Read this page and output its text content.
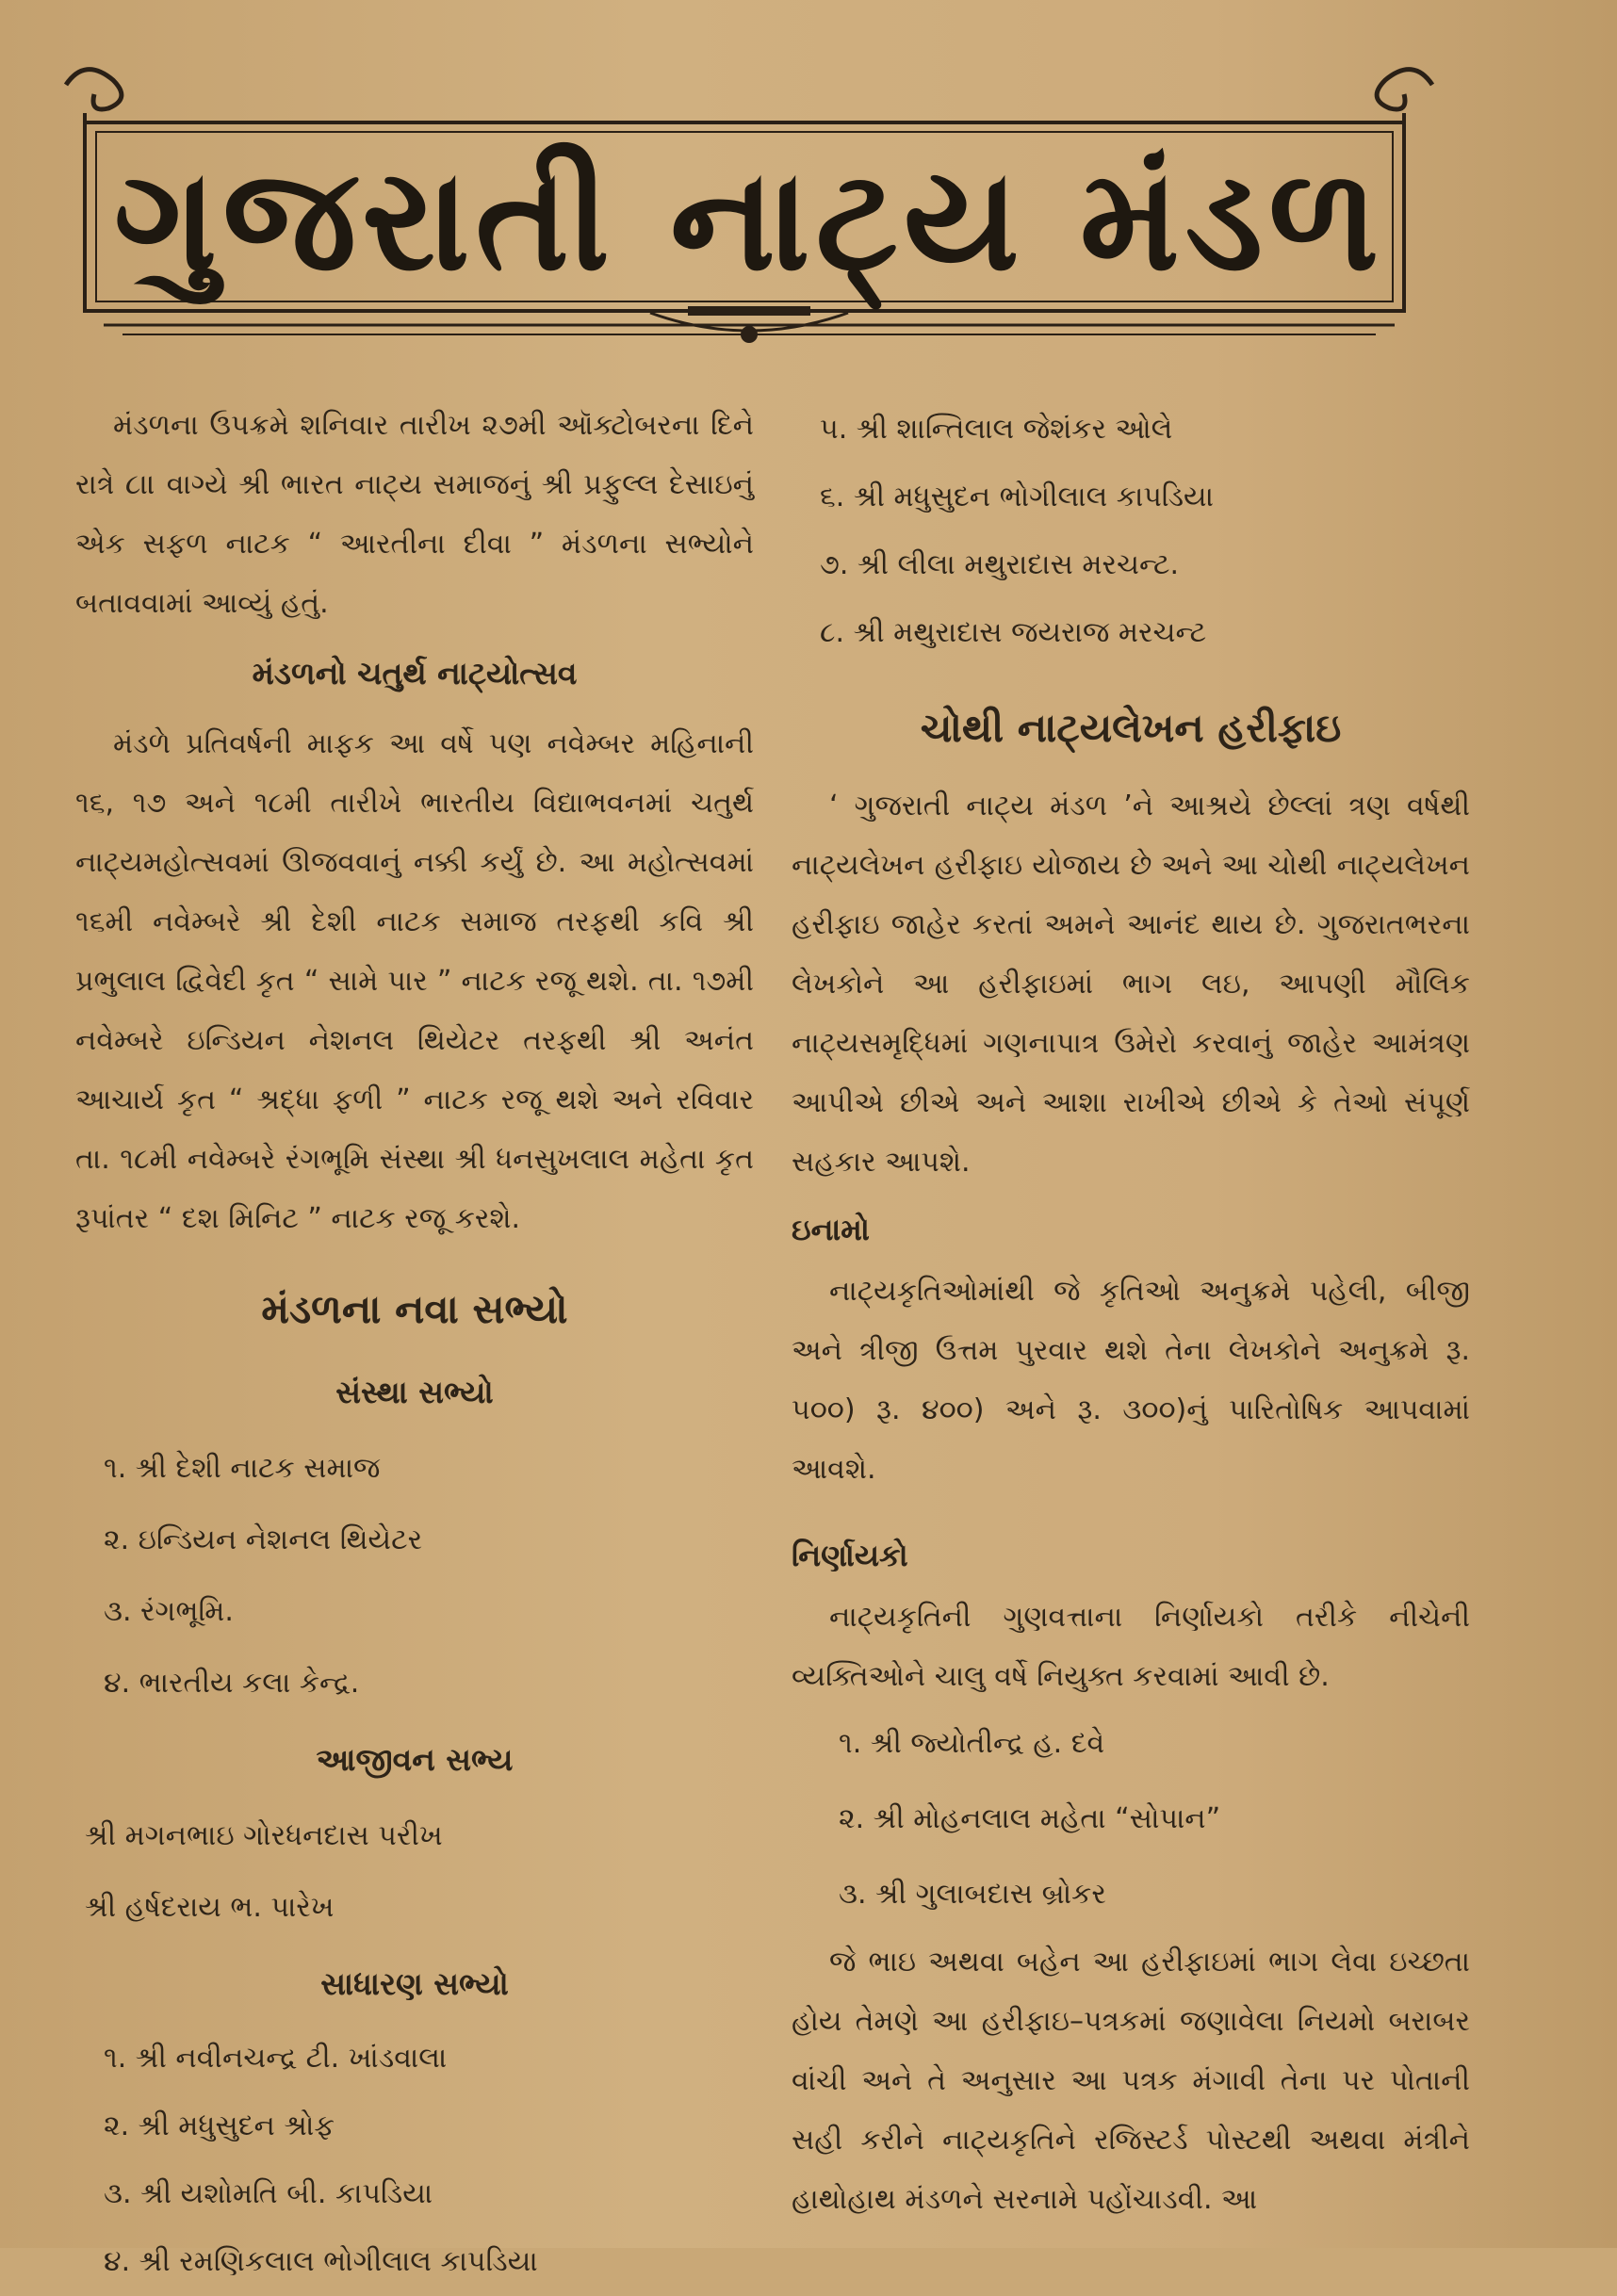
ગુજરાતી નાટ્ય મંડળ

મંડળના ઉપક્રમે શનિવાર તારીખ ૨૭મી ઑક્ટોબરના દિને રાત્રે ૮॥ વાગ્યે શ્રી ભારત નાટ્ય સમાજનું શ્રી પ્રફુલ્લ દેસાઇનું એક સફળ નાટક “ આરતીના દીવા ” મંડળના સભ્યોને બતાવવામાં આવ્યું હતું.

મંડળનો ચતુર્થ નાટ્યોત્સવ

મંડળે પ્રતિવર્ષની માફક આ વર્ષે પણ નવેમ્બર મહિનાની ૧૬, ૧૭ અને ૧૮મી તારીખે ભારતીય વિદ્યાભવનમાં ચતુર્થ નાટ્યમહોત્સવમાં ઊજવવાનું નક્કી કર્યું છે. આ મહોત્સવમાં ૧૬મી નવેમ્બરે શ્રી દેશી નાટક સમાજ તરફથી કવિ શ્રી પ્રભુલાલ દ્વિવેદી કૃત “ સામે પાર ” નાટક રજૂ થશે. તા. ૧૭મી નવેમ્બરે ઇન્ડિયન નેશનલ થિયેટર તરફથી શ્રી અનંત આચાર્ય કૃત “ શ્રદ્ધા ફળી ” નાટક રજૂ થશે અને રવિવાર તા. ૧૮મી નવેમ્બરે રંગભૂમિ સંસ્થા શ્રી ધનસુખલાલ મહેતા કૃત રૂપાંતર “ દશ મિનિટ ” નાટક રજૂ કરશે.

મંડળના નવા સભ્યો
સંસ્થા સભ્યો
૧. શ્રી દેશી નાટક સમાજ
૨. ઇન્ડિયન નેશનલ થિયેટર
૩. રંગભૂમિ.
૪. ભારતીય કલા કેન્દ્ર.
આજીવન સભ્ય
શ્રી મગનભાઇ ગોરધનદાસ પરીખ
શ્રી હર્ષદરાય ભ. પારેખ
સાધારણ સભ્યો
૧. શ્રી નવીનચન્દ્ર ટી. ખાંડવાલા
૨. શ્રી મધુસુદન શ્રોફ
૩. શ્રી યશોમતિ બી. કાપડિયા
૪. શ્રી રમણિકલાલ ભોગીલાલ કાપડિયા
૫. શ્રી શાન્તિલાલ જેશંકર ઓલે
૬. શ્રી મધુસુદન ભોગીલાલ કાપડિયા
૭. શ્રી લીલા મથુરાદાસ મરચન્ટ.
૮. શ્રી મથુરાદાસ જયરાજ મરચન્ટ
ચોથી નાટ્યલેખન હરીફાઇ

‘ ગુજરાતી નાટ્ય મંડળ ’ને આશ્રયે છેલ્લાં ત્રણ વર્ષથી નાટ્યલેખન હરીફાઇ યોજાય છે અને આ ચોથી નાટ્યલેખન હરીફાઇ જાહેર કરતાં અમને આનંદ થાય છે. ગુજરાતભરના લેખકોને આ હરીફાઇમાં ભાગ લઇ, આપણી મૌલિક નાટ્યસમૃદ્ધિમાં ગણનાપાત્ર ઉમેરો કરવાનું જાહેર આમંત્રણ આપીએ છીએ અને આશા રાખીએ છીએ કે તેઓ સંપૂર્ણ સહકાર આપશે.

ઇનામો

નાટ્યકૃતિઓમાંથી જે કૃતિઓ અનુક્રમે પહેલી, બીજી અને ત્રીજી ઉત્તમ પુરવાર થશે તેના લેખકોને અનુક્રમે રૂ. ૫૦૦) રૂ. ૪૦૦) અને રૂ. ૩૦૦)નું પારિતોષિક આપવામાં આવશે.

નિર્ણાયકો

નાટ્યકૃતિની ગુણવત્તાના નિર્ણાયકો તરીકે નીચેની વ્યક્તિઓને ચાલુ વર્ષે નિયુક્ત કરવામાં આવી છે.

૧. શ્રી જ્યોતીન્દ્ર હ. દવે
૨. શ્રી મોહનલાલ મહેતા “સોપાન”
૩. શ્રી ગુલાબદાસ બ્રોકર

જે ભાઇ અથવા બહેન આ હરીફાઇમાં ભાગ લેવા ઇચ્છતા હોય તેમણે આ હરીફાઇ–પત્રકમાં જણાવેલા નિયમો બરાબર વાંચી અને તે અનુસાર આ પત્રક મંગાવી તેના પર પોતાની સહી કરીને નાટ્યકૃતિને રજિસ્ટર્ડ પોસ્ટથી અથવા મંત્રીને હાથોહાથ મંડળને સરનામે પહોંચાડવી. આ
